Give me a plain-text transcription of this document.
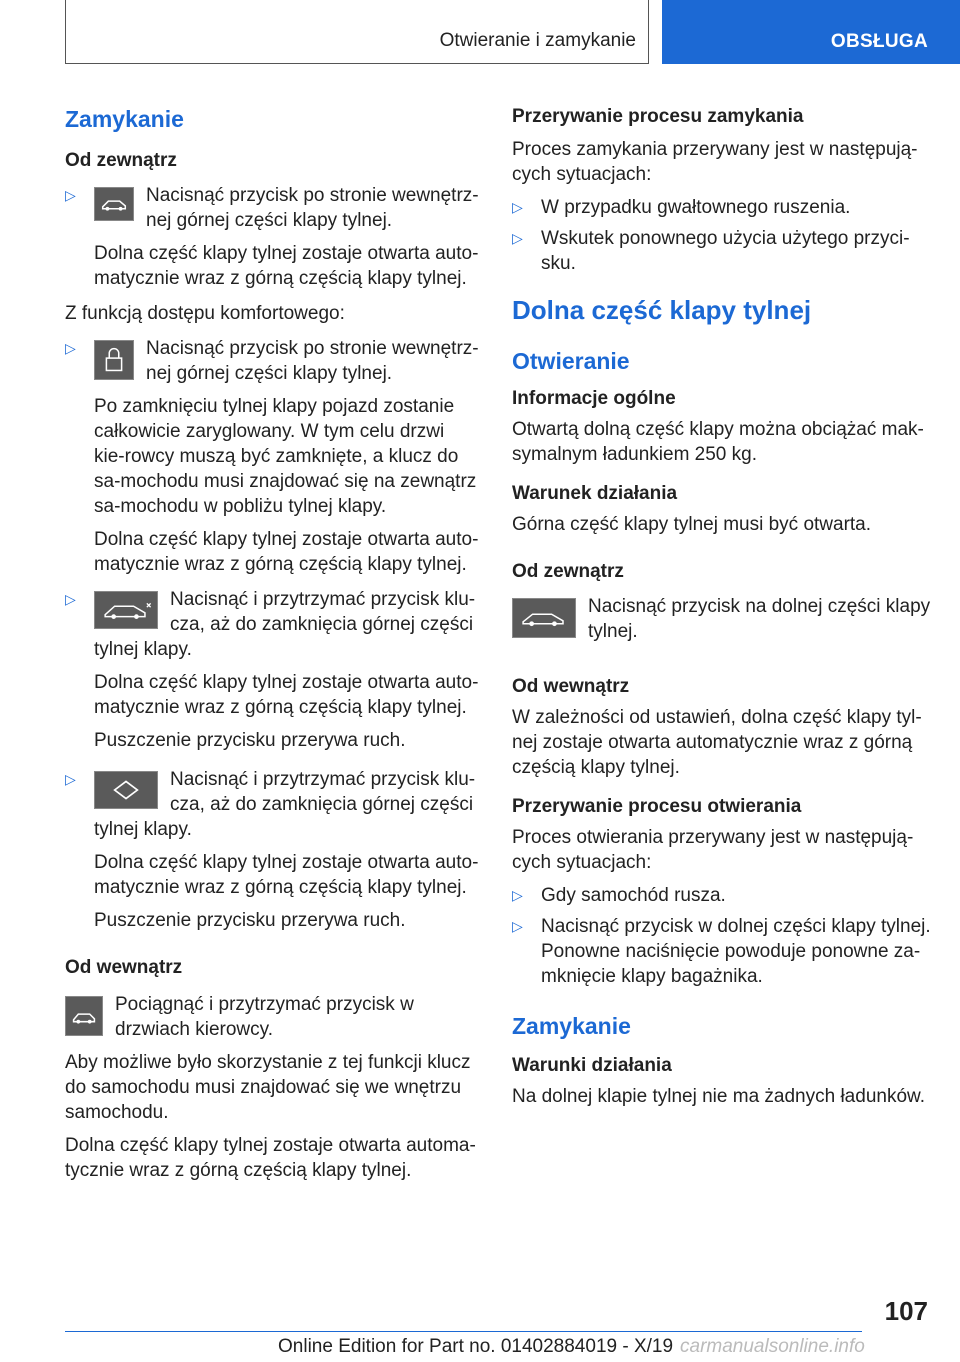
Otwieranie i zamykanie	OBSŁUGA
Zamykanie
Od zewnątrz
▷	Nacisnąć przycisk po stronie wewnętrz-nej górnej części klapy tylnej.

Dolna część klapy tylnej zostaje otwarta auto-matycznie wraz z górną częścią klapy tylnej.

Z funkcją dostępu komfortowego:

▷	Nacisnąć przycisk po stronie wewnętrz-nej górnej części klapy tylnej.

Po zamknięciu tylnej klapy pojazd zostanie całkowicie zaryglowany. W tym celu drzwi kie-rowcy muszą być zamknięte, a klucz do sa-mochodu musi znajdować się na zewnątrz sa-mochodu w pobliżu tylnej klapy.

Dolna część klapy tylnej zostaje otwarta auto-matycznie wraz z górną częścią klapy tylnej.

▷	Nacisnąć i przytrzymać przycisk klu-cza, aż do zamknięcia górnej części tylnej klapy.

Dolna część klapy tylnej zostaje otwarta auto-matycznie wraz z górną częścią klapy tylnej.

Puszczenie przycisku przerywa ruch.

▷	Nacisnąć i przytrzymać przycisk klu-cza, aż do zamknięcia górnej części tylnej klapy.

Dolna część klapy tylnej zostaje otwarta auto-matycznie wraz z górną częścią klapy tylnej.

Puszczenie przycisku przerywa ruch.

Od wewnątrz

Pociągnąć i przytrzymać przycisk w drzwiach kierowcy.

Aby możliwe było skorzystanie z tej funkcji klucz do samochodu musi znajdować się we wnętrzu samochodu.

Dolna część klapy tylnej zostaje otwarta automa-tycznie wraz z górną częścią klapy tylnej.

Przerywanie procesu zamykania

Proces zamykania przerywany jest w następują-cych sytuacjach:

▷ W przypadku gwałtownego ruszenia.

▷ Wskutek ponownego użycia użytego przyci-sku.

Dolna część klapy tylnej
Otwieranie
Informacje ogólne

Otwartą dolną część klapy można obciążać mak-symalnym ładunkiem 250 kg.

Warunek działania

Górna część klapy tylnej musi być otwarta.

Od zewnątrz

Nacisnąć przycisk na dolnej części klapy tylnej.

Od wewnątrz

W zależności od ustawień, dolna część klapy tyl-nej zostaje otwarta automatycznie wraz z górną częścią klapy tylnej.

Przerywanie procesu otwierania

Proces otwierania przerywany jest w następują-cych sytuacjach:

▷ Gdy samochód rusza.

▷ Nacisnąć przycisk w dolnej części klapy tylnej. Ponowne naciśnięcie powoduje ponowne za-mknięcie klapy bagażnika.

Zamykanie
Warunki działania

Na dolnej klapie tylnej nie ma żadnych ładunków.

107
Online Edition for Part no. 01402884019 - X/19 carmanualsonline.info
